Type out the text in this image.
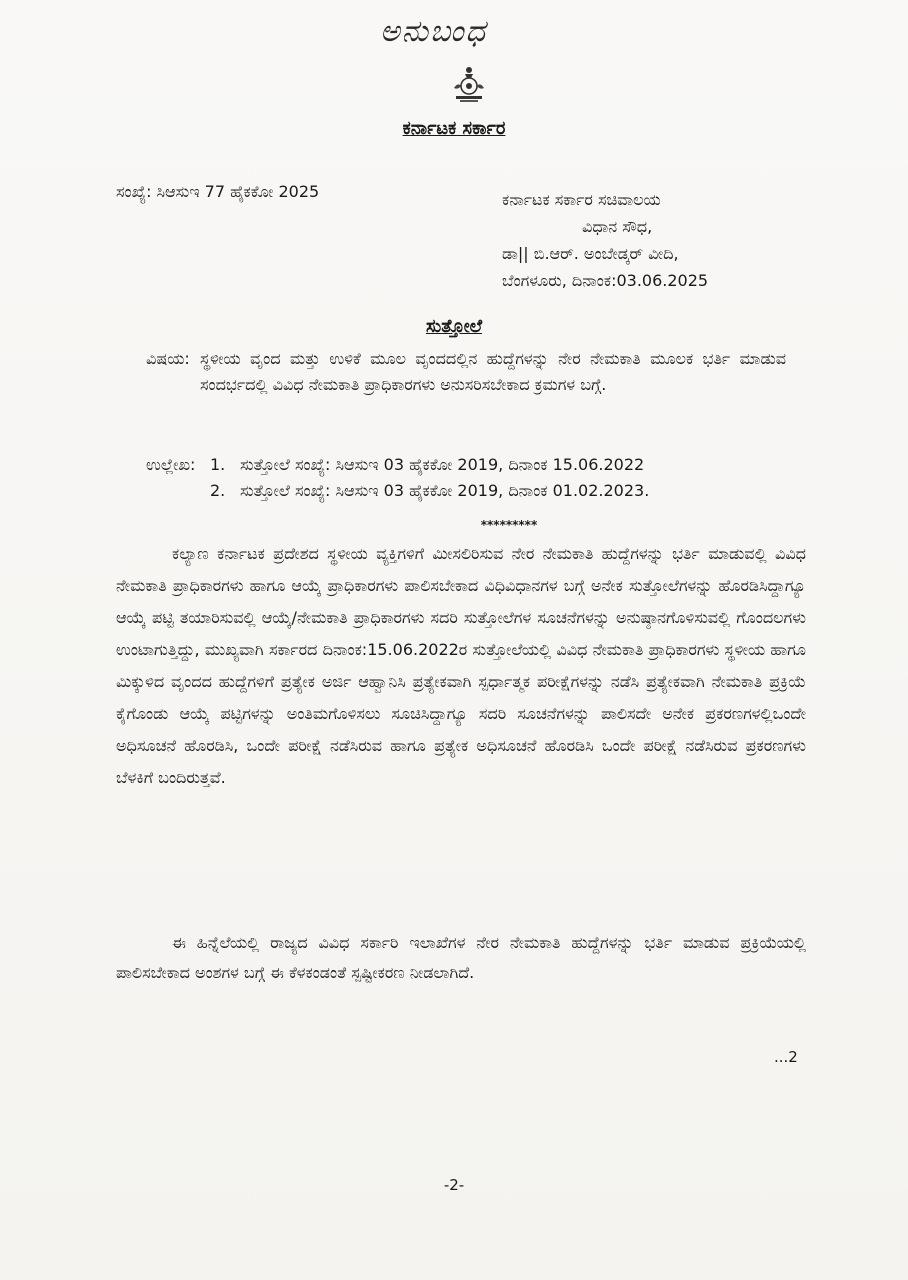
ಅನುಬಂಧ
ಕರ್ನಾಟಕ ಸರ್ಕಾರ
ಸಂಖ್ಯೆ: ಸಿಆಸುಇ 77 ಹೈಕಕೋ 2025	ಕರ್ನಾಟಕ ಸರ್ಕಾರ ಸಚಿವಾಲಯ
ವಿಧಾನ ಸೌಧ,
ಡಾ|| ಬಿ.ಆರ್. ಅಂಬೇಡ್ಕರ್ ವೀದಿ,
ಬೆಂಗಳೂರು, ದಿನಾಂಕ:03.06.2025
ಸುತ್ತೋಲೆ
ವಿಷಯ: ಸ್ಥಳೀಯ ವೃಂದ ಮತ್ತು ಉಳಿಕೆ ಮೂಲ ವೃಂದದಲ್ಲಿನ ಹುದ್ದೆಗಳನ್ನು ನೇರ ನೇಮಕಾತಿ ಮೂಲಕ ಭರ್ತಿ ಮಾಡುವ ಸಂದರ್ಭದಲ್ಲಿ ವಿವಿಧ ನೇಮಕಾತಿ ಪ್ರಾಧಿಕಾರಗಳು ಅನುಸರಿಸಬೇಕಾದ ಕ್ರಮಗಳ ಬಗ್ಗೆ.
ಉಲ್ಲೇಖ: 1. ಸುತ್ತೋಲೆ ಸಂಖ್ಯೆ: ಸಿಆಸುಇ 03 ಹೈಕಕೋ 2019, ದಿನಾಂಕ 15.06.2022
2. ಸುತ್ತೋಲೆ ಸಂಖ್ಯೆ: ಸಿಆಸುಇ 03 ಹೈಕಕೋ 2019, ದಿನಾಂಕ 01.02.2023.
*********
ಕಲ್ಯಾಣ ಕರ್ನಾಟಕ ಪ್ರದೇಶದ ಸ್ಥಳೀಯ ವ್ಯಕ್ತಿಗಳಿಗೆ ಮೀಸಲಿರಿಸುವ ನೇರ ನೇಮಕಾತಿ ಹುದ್ದೆಗಳನ್ನು ಭರ್ತಿ ಮಾಡುವಲ್ಲಿ ವಿವಿಧ ನೇಮಕಾತಿ ಪ್ರಾಧಿಕಾರಗಳು ಹಾಗೂ ಆಯ್ಕೆ ಪ್ರಾಧಿಕಾರಗಳು ಪಾಲಿಸಬೇಕಾದ ವಿಧಿವಿಧಾನಗಳ ಬಗ್ಗೆ ಅನೇಕ ಸುತ್ತೋಲೆಗಳನ್ನು ಹೊರಡಿಸಿದ್ದಾಗ್ಯೂ ಆಯ್ಕೆ ಪಟ್ಟಿ ತಯಾರಿಸುವಲ್ಲಿ ಆಯ್ಕೆ/ನೇಮಕಾತಿ ಪ್ರಾಧಿಕಾರಗಳು ಸದರಿ ಸುತ್ತೋಲೆಗಳ ಸೂಚನೆಗಳನ್ನು ಅನುಷ್ಠಾನಗೊಳಿಸುವಲ್ಲಿ ಗೊಂದಲಗಳು ಉಂಟಾಗುತ್ತಿದ್ದು, ಮುಖ್ಯವಾಗಿ ಸರ್ಕಾರದ ದಿನಾಂಕ:15.06.2022ರ ಸುತ್ತೋಲೆಯಲ್ಲಿ ವಿವಿಧ ನೇಮಕಾತಿ ಪ್ರಾಧಿಕಾರಗಳು ಸ್ಥಳೀಯ ಹಾಗೂ ಮಿಕ್ಕುಳಿದ ವೃಂದದ ಹುದ್ದೆಗಳಿಗೆ ಪ್ರತ್ಯೇಕ ಅರ್ಜಿ ಆಹ್ವಾನಿಸಿ ಪ್ರತ್ಯೇಕವಾಗಿ ಸ್ಪರ್ಧಾತ್ಮಕ ಪರೀಕ್ಷೆಗಳನ್ನು ನಡೆಸಿ ಪ್ರತ್ಯೇಕವಾಗಿ ನೇಮಕಾತಿ ಪ್ರಕ್ರಿಯೆ ಕೈಗೊಂಡು ಆಯ್ಕೆ ಪಟ್ಟಿಗಳನ್ನು ಅಂತಿಮಗೊಳಿಸಲು ಸೂಚಿಸಿದ್ದಾಗ್ಯೂ ಸದರಿ ಸೂಚನೆಗಳನ್ನು ಪಾಲಿಸದೇ ಅನೇಕ ಪ್ರಕರಣಗಳಲ್ಲಿಒಂದೇ ಅಧಿಸೂಚನೆ ಹೊರಡಿಸಿ, ಒಂದೇ ಪರೀಕ್ಷೆ ನಡೆಸಿರುವ ಹಾಗೂ ಪ್ರತ್ಯೇಕ ಅಧಿಸೂಚನೆ ಹೊರಡಿಸಿ ಒಂದೇ ಪರೀಕ್ಷೆ ನಡೆಸಿರುವ ಪ್ರಕರಣಗಳು ಬೆಳಕಿಗೆ ಬಂದಿರುತ್ತವೆ.
ಈ ಹಿನ್ನೆಲೆಯಲ್ಲಿ ರಾಜ್ಯದ ವಿವಿಧ ಸರ್ಕಾರಿ ಇಲಾಖೆಗಳ ನೇರ ನೇಮಕಾತಿ ಹುದ್ದೆಗಳನ್ನು ಭರ್ತಿ ಮಾಡುವ ಪ್ರಕ್ರಿಯೆಯಲ್ಲಿ ಪಾಲಿಸಬೇಕಾದ ಅಂಶಗಳ ಬಗ್ಗೆ ಈ ಕೆಳಕಂಡಂತೆ ಸ್ಪಷ್ಟೀಕರಣ ನೀಡಲಾಗಿದೆ.
...2
-2-
